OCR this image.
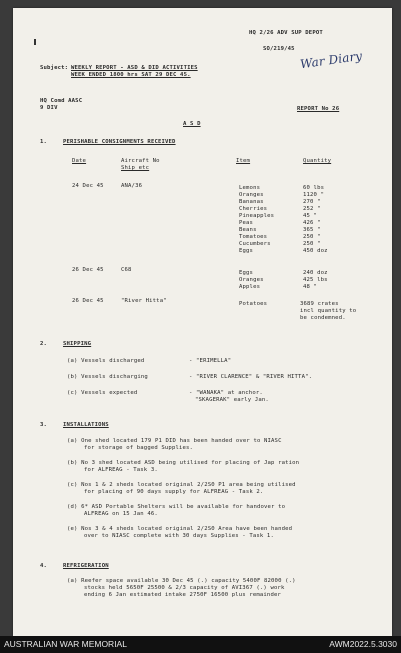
HQ 2/26 ADV SUP DEPOT
SO/219/45 War Diary
Subject: WEEKLY REPORT - ASD & DID ACTIVITIES
WEEK ENDED 1800 hrs SAT 29 DEC 45.
HQ Comd AASC
9 DIV	REPORT No 26
A S D
1.	PERISHABLE CONSIGNMENTS RECEIVED
Date	Aircraft No
Ship etc
Item	Quantity
24 Dec 45	ANA/36	Lemons	60 lbs
Oranges	1120 "
Bananas	270 "
Cherries	252 "
Pineapples	45 "
Peas	426 "
Beans	365 "
Tomatoes	250 "
Cucumbers	250 "
Eggs	450 doz
26 Dec 45	C68	Eggs	240 doz
Oranges	425 lbs
Apples	48 "
26 Dec 45	"River Hitta"	Potatoes	3689 crates
incl quantity to
be condemned.
2.	SHIPPING
(a) Vessels discharged	- "ERIMELLA"
(b) Vessels discharging	- "RIVER CLARENCE" & "RIVER HITTA".
(c) Vessels expected	- "WANAKA" at anchor.
"SKAGERAK" early Jan.
3.	INSTALLATIONS
(a) One shed located 179 P1 DID has been handed over to NIASC
for storage of bagged Supplies.
(b) No 3 shed located ASD being utilised for placing of Jap ration
for ALFREAG - Task 3.
(c) Nos 1 & 2 sheds located original 2/2S0 P1 area being utilised
for placing of 90 days supply for ALFREAG - Task 2.
(d) 6* ASD Portable Shelters will be available for handover to
ALFREAG on 15 Jan 46.
(e) Nos 3 & 4 sheds located original 2/2S0 Area have been handed
over to NIASC complete with 30 days Supplies - Task 1.
4.	REFRIGERATION
(a) Reefer space available 30 Dec 45 (.) capacity 5400F 82000 (.)
stocks held 5650F 25500 & 2/3 capacity of AVI367 (.) work
ending 6 Jan estimated intake 2750F 16500 plus remainder
AUSTRALIAN WAR MEMORIAL	AWM2022.5.3030
